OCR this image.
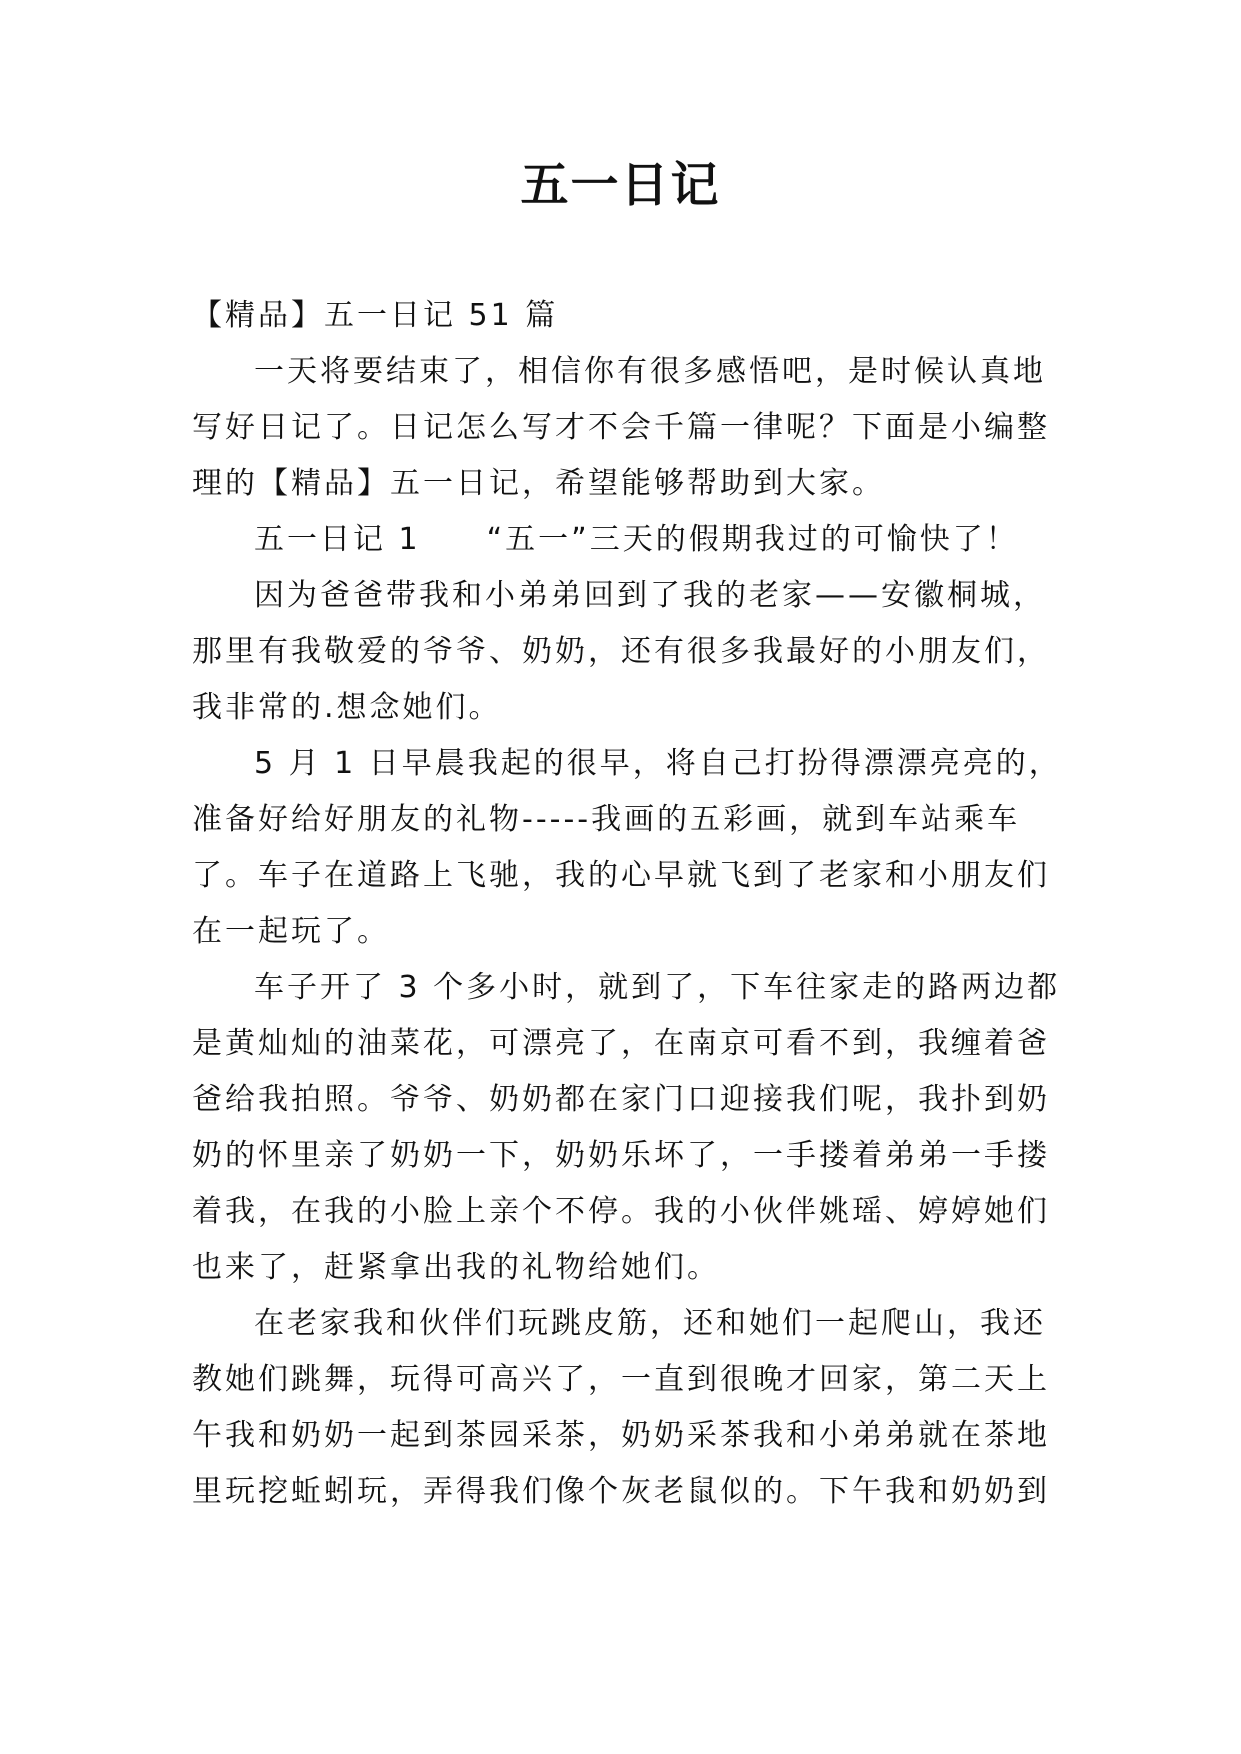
五一日记

【精品】五一日记 51 篇

一天将要结束了，相信你有很多感悟吧，是时候认真地

写好日记了。日记怎么写才不会千篇一律呢？下面是小编整

理的【精品】五一日记，希望能够帮助到大家。

五一日记 1　　“五一”三天的假期我过的可愉快了！

因为爸爸带我和小弟弟回到了我的老家——安徽桐城，

那里有我敬爱的爷爷、奶奶，还有很多我最好的小朋友们，

我非常的.想念她们。

5 月 1 日早晨我起的很早，将自己打扮得漂漂亮亮的，

准备好给好朋友的礼物-----我画的五彩画，就到车站乘车

了。车子在道路上飞驰，我的心早就飞到了老家和小朋友们

在一起玩了。

车子开了 3 个多小时，就到了，下车往家走的路两边都

是黄灿灿的油菜花，可漂亮了，在南京可看不到，我缠着爸

爸给我拍照。爷爷、奶奶都在家门口迎接我们呢，我扑到奶

奶的怀里亲了奶奶一下，奶奶乐坏了，一手搂着弟弟一手搂

着我，在我的小脸上亲个不停。我的小伙伴姚瑶、婷婷她们

也来了，赶紧拿出我的礼物给她们。

在老家我和伙伴们玩跳皮筋，还和她们一起爬山，我还

教她们跳舞，玩得可高兴了，一直到很晚才回家，第二天上

午我和奶奶一起到茶园采茶，奶奶采茶我和小弟弟就在茶地

里玩挖蚯蚓玩，弄得我们像个灰老鼠似的。下午我和奶奶到
